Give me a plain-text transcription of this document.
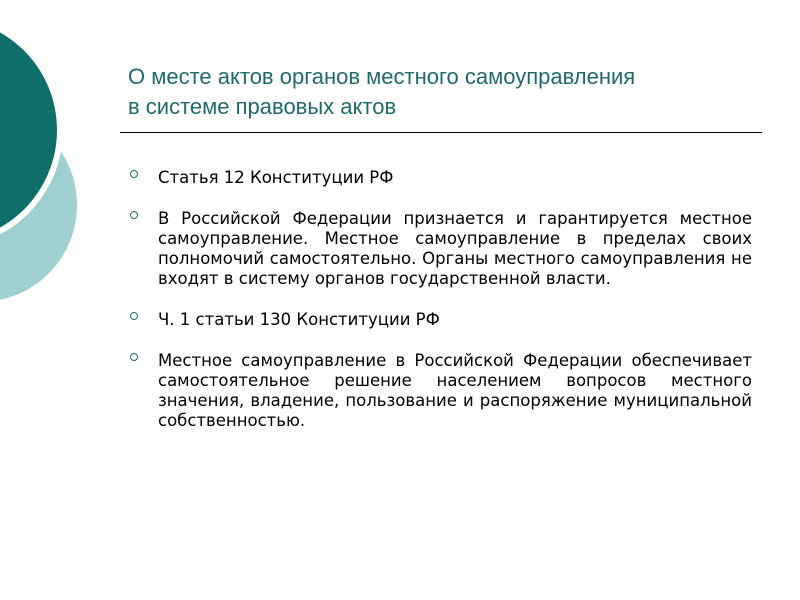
О месте актов органов местного самоуправления
в системе правовых актов
Статья 12 Конституции РФ
В Российской Федерации признается и гарантируется местное самоуправление. Местное самоуправление в пределах своих полномочий самостоятельно. Органы местного самоуправления не входят в систему органов государственной власти.
Ч. 1 статьи 130 Конституции РФ
Местное самоуправление в Российской Федерации обеспечивает самостоятельное решение населением вопросов местного значения, владение, пользование и распоряжение муниципальной собственностью.
